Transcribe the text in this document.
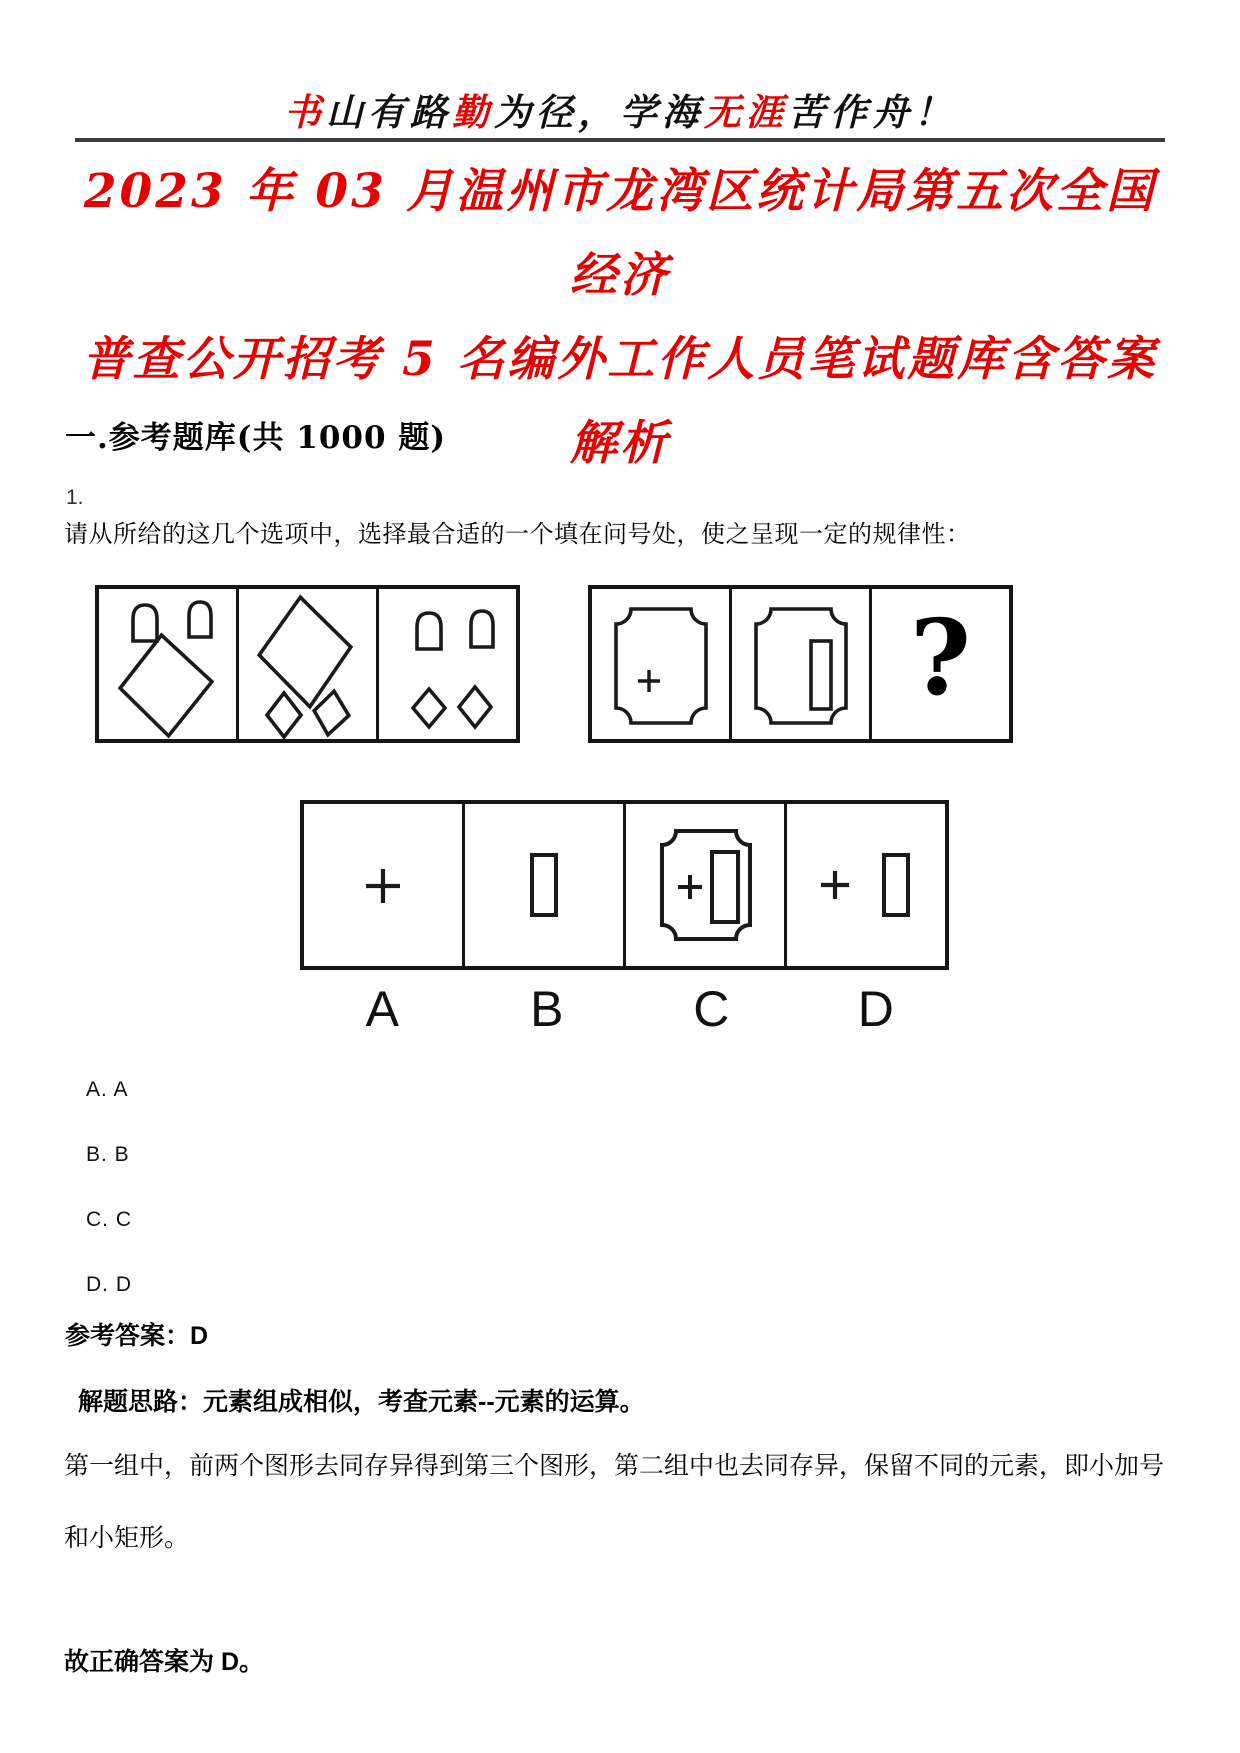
书山有路勤为径，学海无涯苦作舟！
2023 年 03 月温州市龙湾区统计局第五次全国经济
普查公开招考 5 名编外工作人员笔试题库含答案
解析
一.参考题库(共 1000 题)
1.
请从所给的这几个选项中，选择最合适的一个填在问号处，使之呈现一定的规律性：
?
A	B	C	D
A. A
B. B
C. C
D. D
参考答案：D
解题思路：元素组成相似，考查元素--元素的运算。
第一组中，前两个图形去同存异得到第三个图形，第二组中也去同存异，保留不同的元素，即小加号和小矩形。
故正确答案为 D。
